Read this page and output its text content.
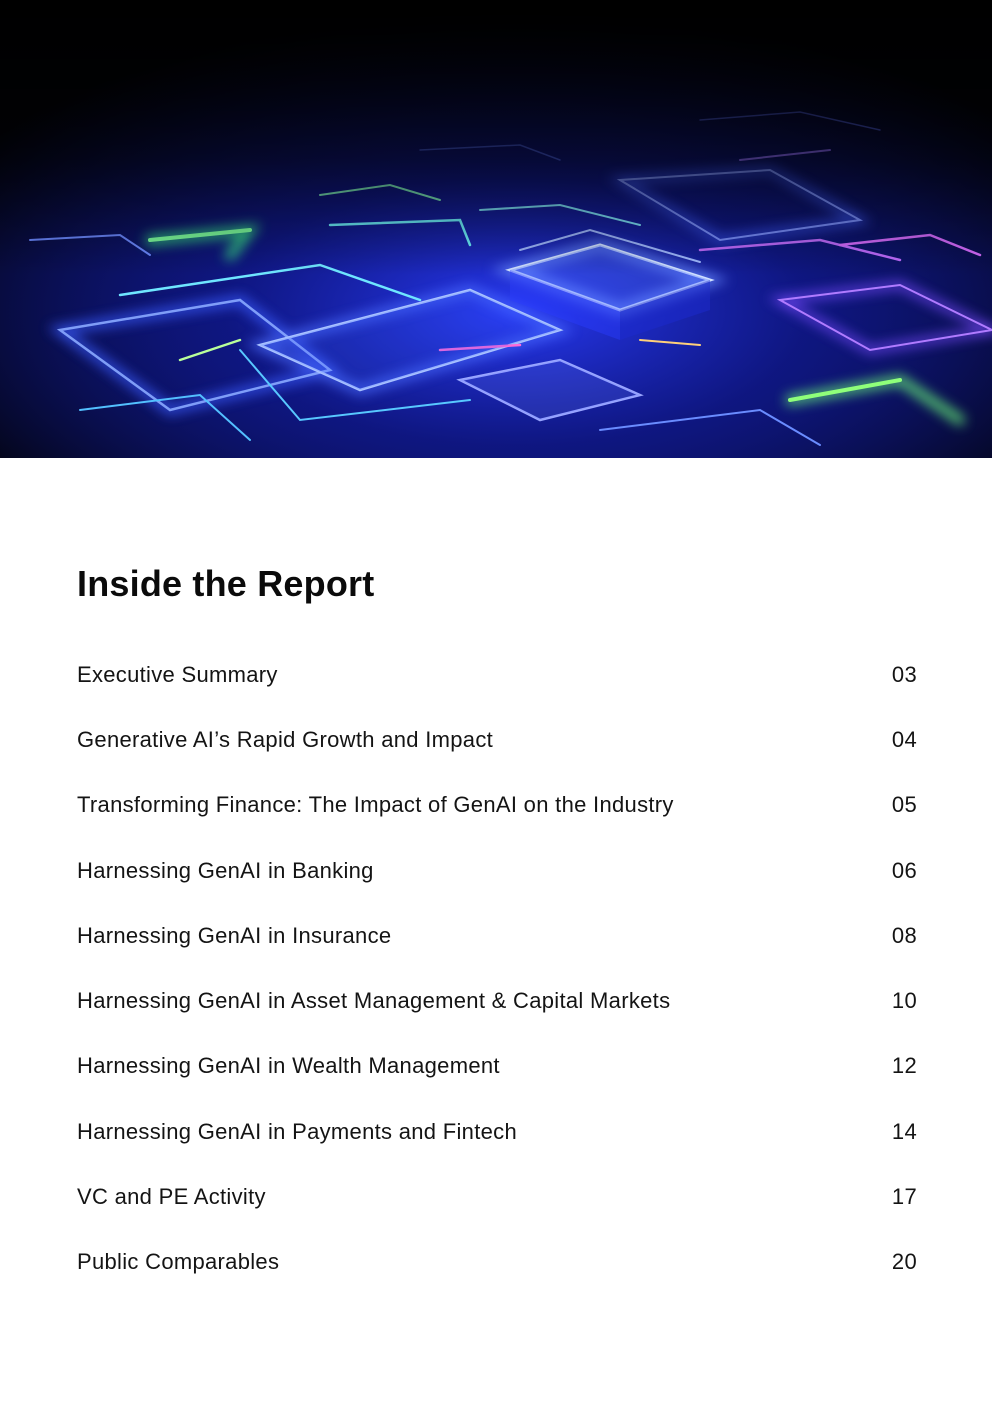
Inside the Report
Executive Summary	03
Generative AI’s Rapid Growth and Impact	04
Transforming Finance: The Impact of GenAI on the Industry	05
Harnessing GenAI in Banking	06
Harnessing GenAI in Insurance	08
Harnessing GenAI in Asset Management & Capital Markets	10
Harnessing GenAI in Wealth Management	12
Harnessing GenAI in Payments and Fintech	14
VC and PE Activity	17
Public Comparables	20
